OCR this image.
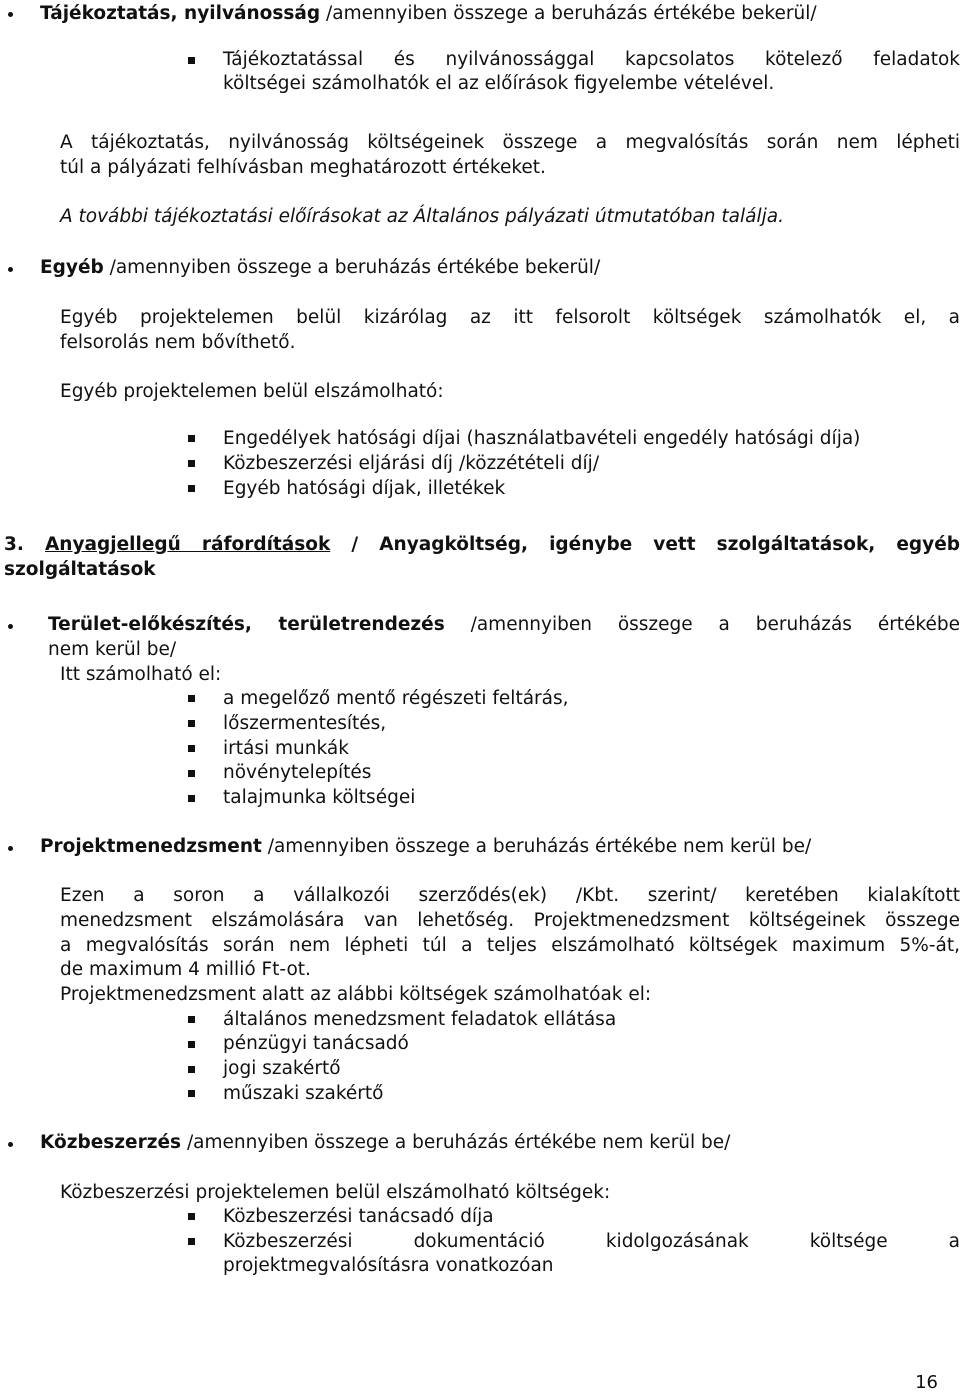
Tájékoztatás, nyilvánosság /amennyiben összege a beruházás értékébe bekerül/
Tájékoztatással és nyilvánossággal kapcsolatos kötelező feladatok
költségei számolhatók el az előírások figyelembe vételével.
A tájékoztatás, nyilvánosság költségeinek összege a megvalósítás során nem lépheti
túl a pályázati felhívásban meghatározott értékeket.
A további tájékoztatási előírásokat az Általános pályázati útmutatóban találja.
Egyéb /amennyiben összege a beruházás értékébe bekerül/
Egyéb projektelemen belül kizárólag az itt felsorolt költségek számolhatók el, a
felsorolás nem bővíthető.
Egyéb projektelemen belül elszámolható:
Engedélyek hatósági díjai (használatbavételi engedély hatósági díja)
Közbeszerzési eljárási díj /közzétételi díj/
Egyéb hatósági díjak, illetékek
3. Anyagjellegű ráfordítások / Anyagköltség, igénybe vett szolgáltatások, egyéb
szolgáltatások
Terület-előkészítés, területrendezés /amennyiben összege a beruházás értékébe
nem kerül be/
Itt számolható el:
a megelőző mentő régészeti feltárás,
lőszermentesítés,
irtási munkák
növénytelepítés
talajmunka költségei
Projektmenedzsment /amennyiben összege a beruházás értékébe nem kerül be/
Ezen a soron a vállalkozói szerződés(ek) /Kbt. szerint/ keretében kialakított
menedzsment elszámolására van lehetőség. Projektmenedzsment költségeinek összege
a megvalósítás során nem lépheti túl a teljes elszámolható költségek maximum 5%-át,
de maximum 4 millió Ft-ot.
Projektmenedzsment alatt az alábbi költségek számolhatóak el:
általános menedzsment feladatok ellátása
pénzügyi tanácsadó
jogi szakértő
műszaki szakértő
Közbeszerzés /amennyiben összege a beruházás értékébe nem kerül be/
Közbeszerzési projektelemen belül elszámolható költségek:
Közbeszerzési tanácsadó díja
Közbeszerzési dokumentáció kidolgozásának költsége a
projektmegvalósításra vonatkozóan
16
